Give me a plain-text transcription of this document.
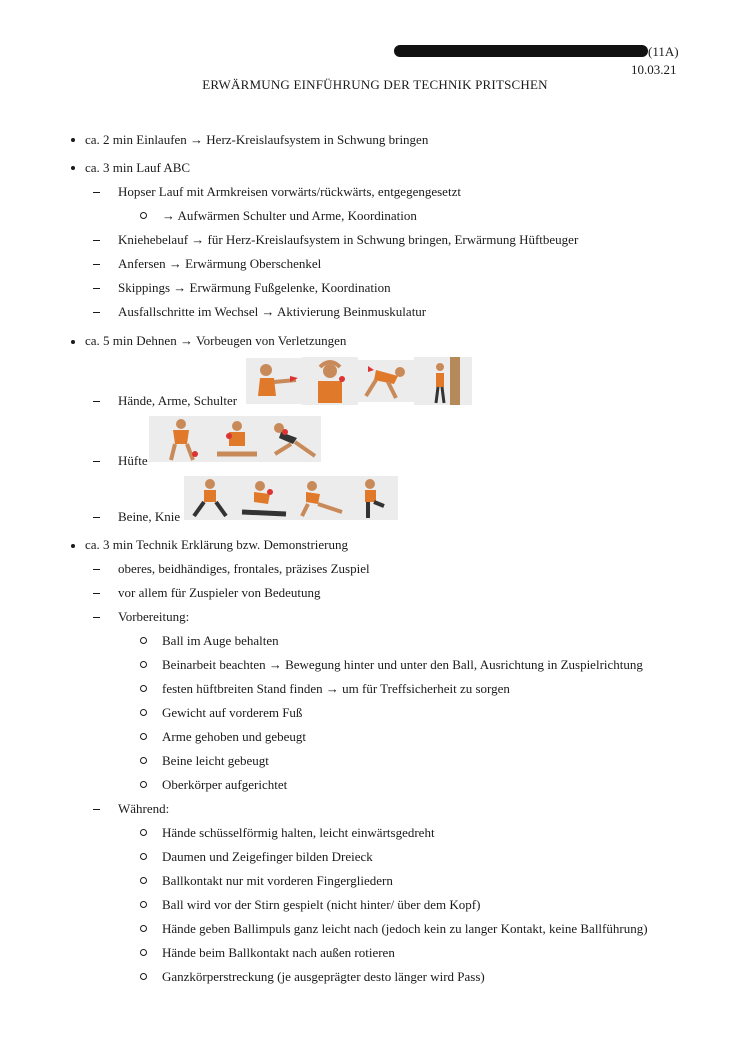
(11A)
10.03.21
ERWÄRMUNG EINFÜHRUNG DER TECHNIK PRITSCHEN
ca. 2 min Einlaufen → Herz-Kreislaufsystem in Schwung bringen
ca. 3 min Lauf ABC
Hopser Lauf mit Armkreisen vorwärts/rückwärts, entgegengesetzt
→ Aufwärmen Schulter und Arme, Koordination
Kniehebelauf → für Herz-Kreislaufsystem in Schwung bringen, Erwärmung Hüftbeuger
Anfersen → Erwärmung Oberschenkel
Skippings → Erwärmung Fußgelenke, Koordination
Ausfallschritte im Wechsel → Aktivierung Beinmuskulatur
ca. 5 min Dehnen → Vorbeugen von Verletzungen
Hände, Arme, Schulter
Hüfte
Beine, Knie
ca. 3 min Technik Erklärung bzw. Demonstrierung
oberes, beidhändiges, frontales, präzises Zuspiel
vor allem für Zuspieler von Bedeutung
Vorbereitung:
Ball im Auge behalten
Beinarbeit beachten → Bewegung hinter und unter den Ball, Ausrichtung in Zuspielrichtung
festen hüftbreiten Stand finden → um für Treffsicherheit zu sorgen
Gewicht auf vorderem Fuß
Arme gehoben und gebeugt
Beine leicht gebeugt
Oberkörper aufgerichtet
Während:
Hände schüsselförmig halten, leicht einwärtsgedreht
Daumen und Zeigefinger bilden Dreieck
Ballkontakt nur mit vorderen Fingergliedern
Ball wird vor der Stirn gespielt (nicht hinter/ über dem Kopf)
Hände geben Ballimpuls ganz leicht nach (jedoch kein zu langer Kontakt, keine Ballführung)
Hände beim Ballkontakt nach außen rotieren
Ganzkörperstreckung (je ausgeprägter desto länger wird Pass)
